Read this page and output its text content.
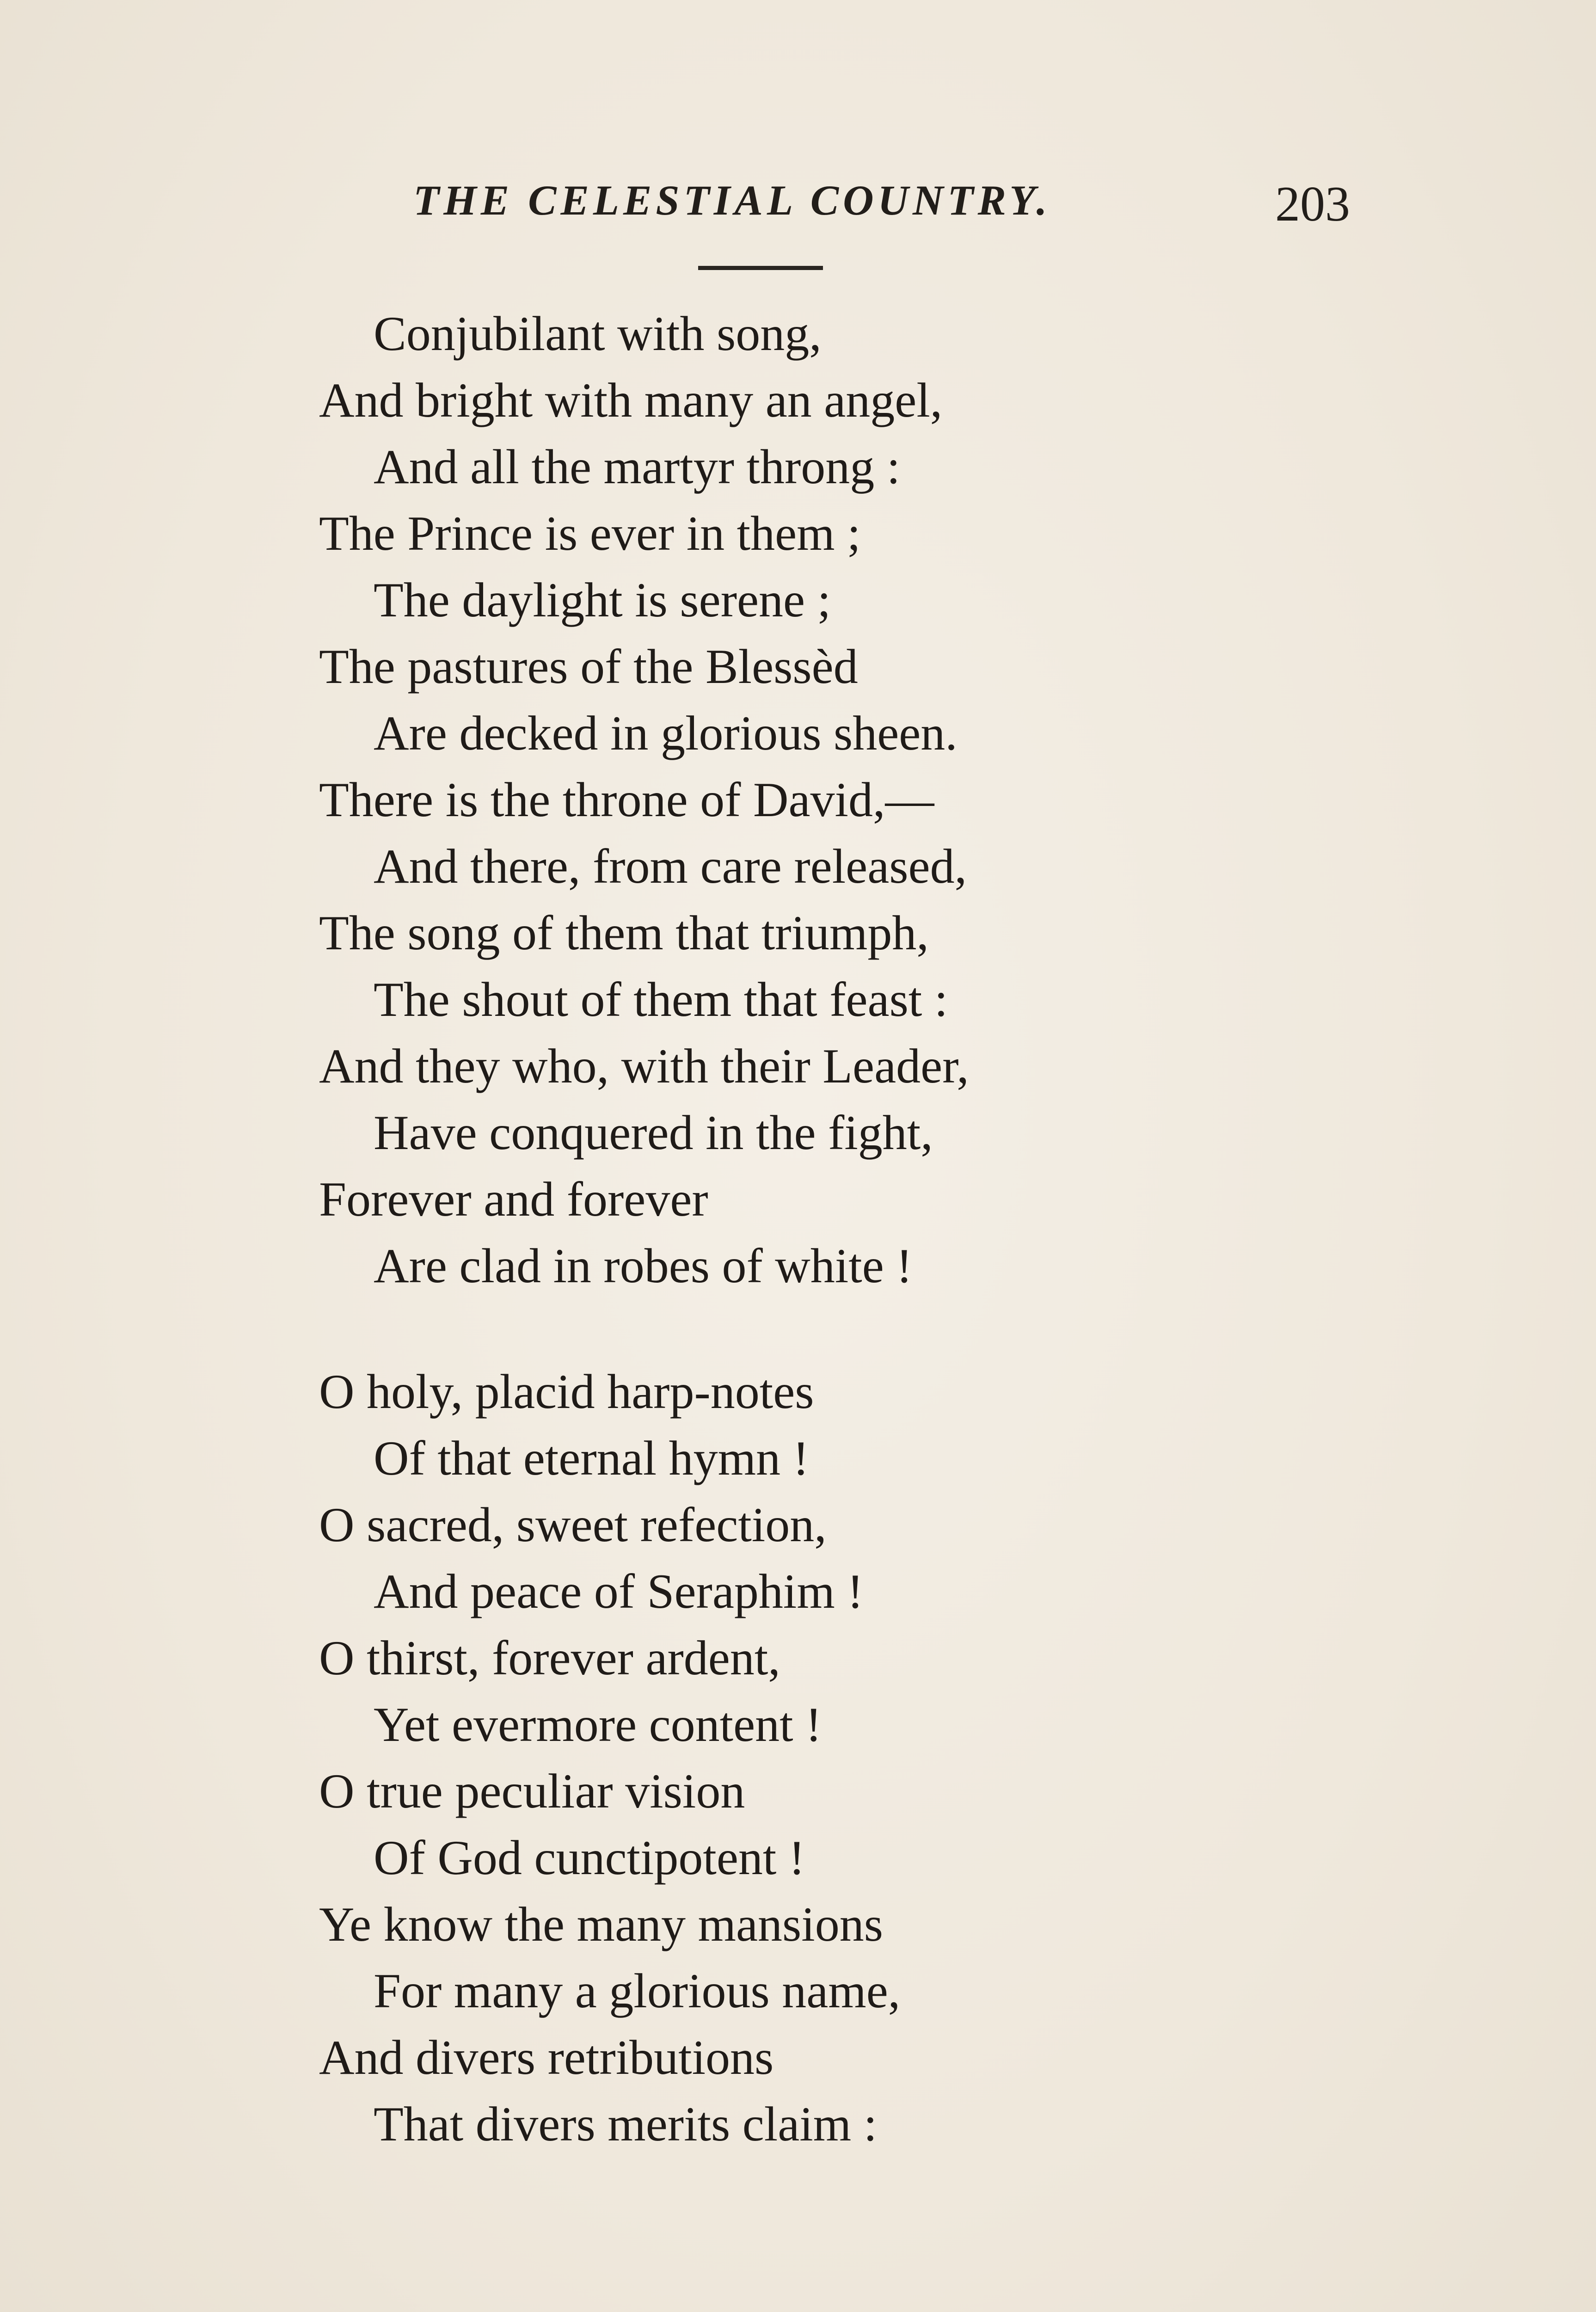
THE CELESTIAL COUNTRY.	203
Conjubilant with song,
And bright with many an angel,
And all the martyr throng :
The Prince is ever in them ;
The daylight is serene ;
The pastures of the Blessèd
Are decked in glorious sheen.
There is the throne of David,—
And there, from care released,
The song of them that triumph,
The shout of them that feast :
And they who, with their Leader,
Have conquered in the fight,
Forever and forever
Are clad in robes of white !
O holy, placid harp-notes
Of that eternal hymn !
O sacred, sweet refection,
And peace of Seraphim !
O thirst, forever ardent,
Yet evermore content !
O true peculiar vision
Of God cunctipotent !
Ye know the many mansions
For many a glorious name,
And divers retributions
That divers merits claim :
